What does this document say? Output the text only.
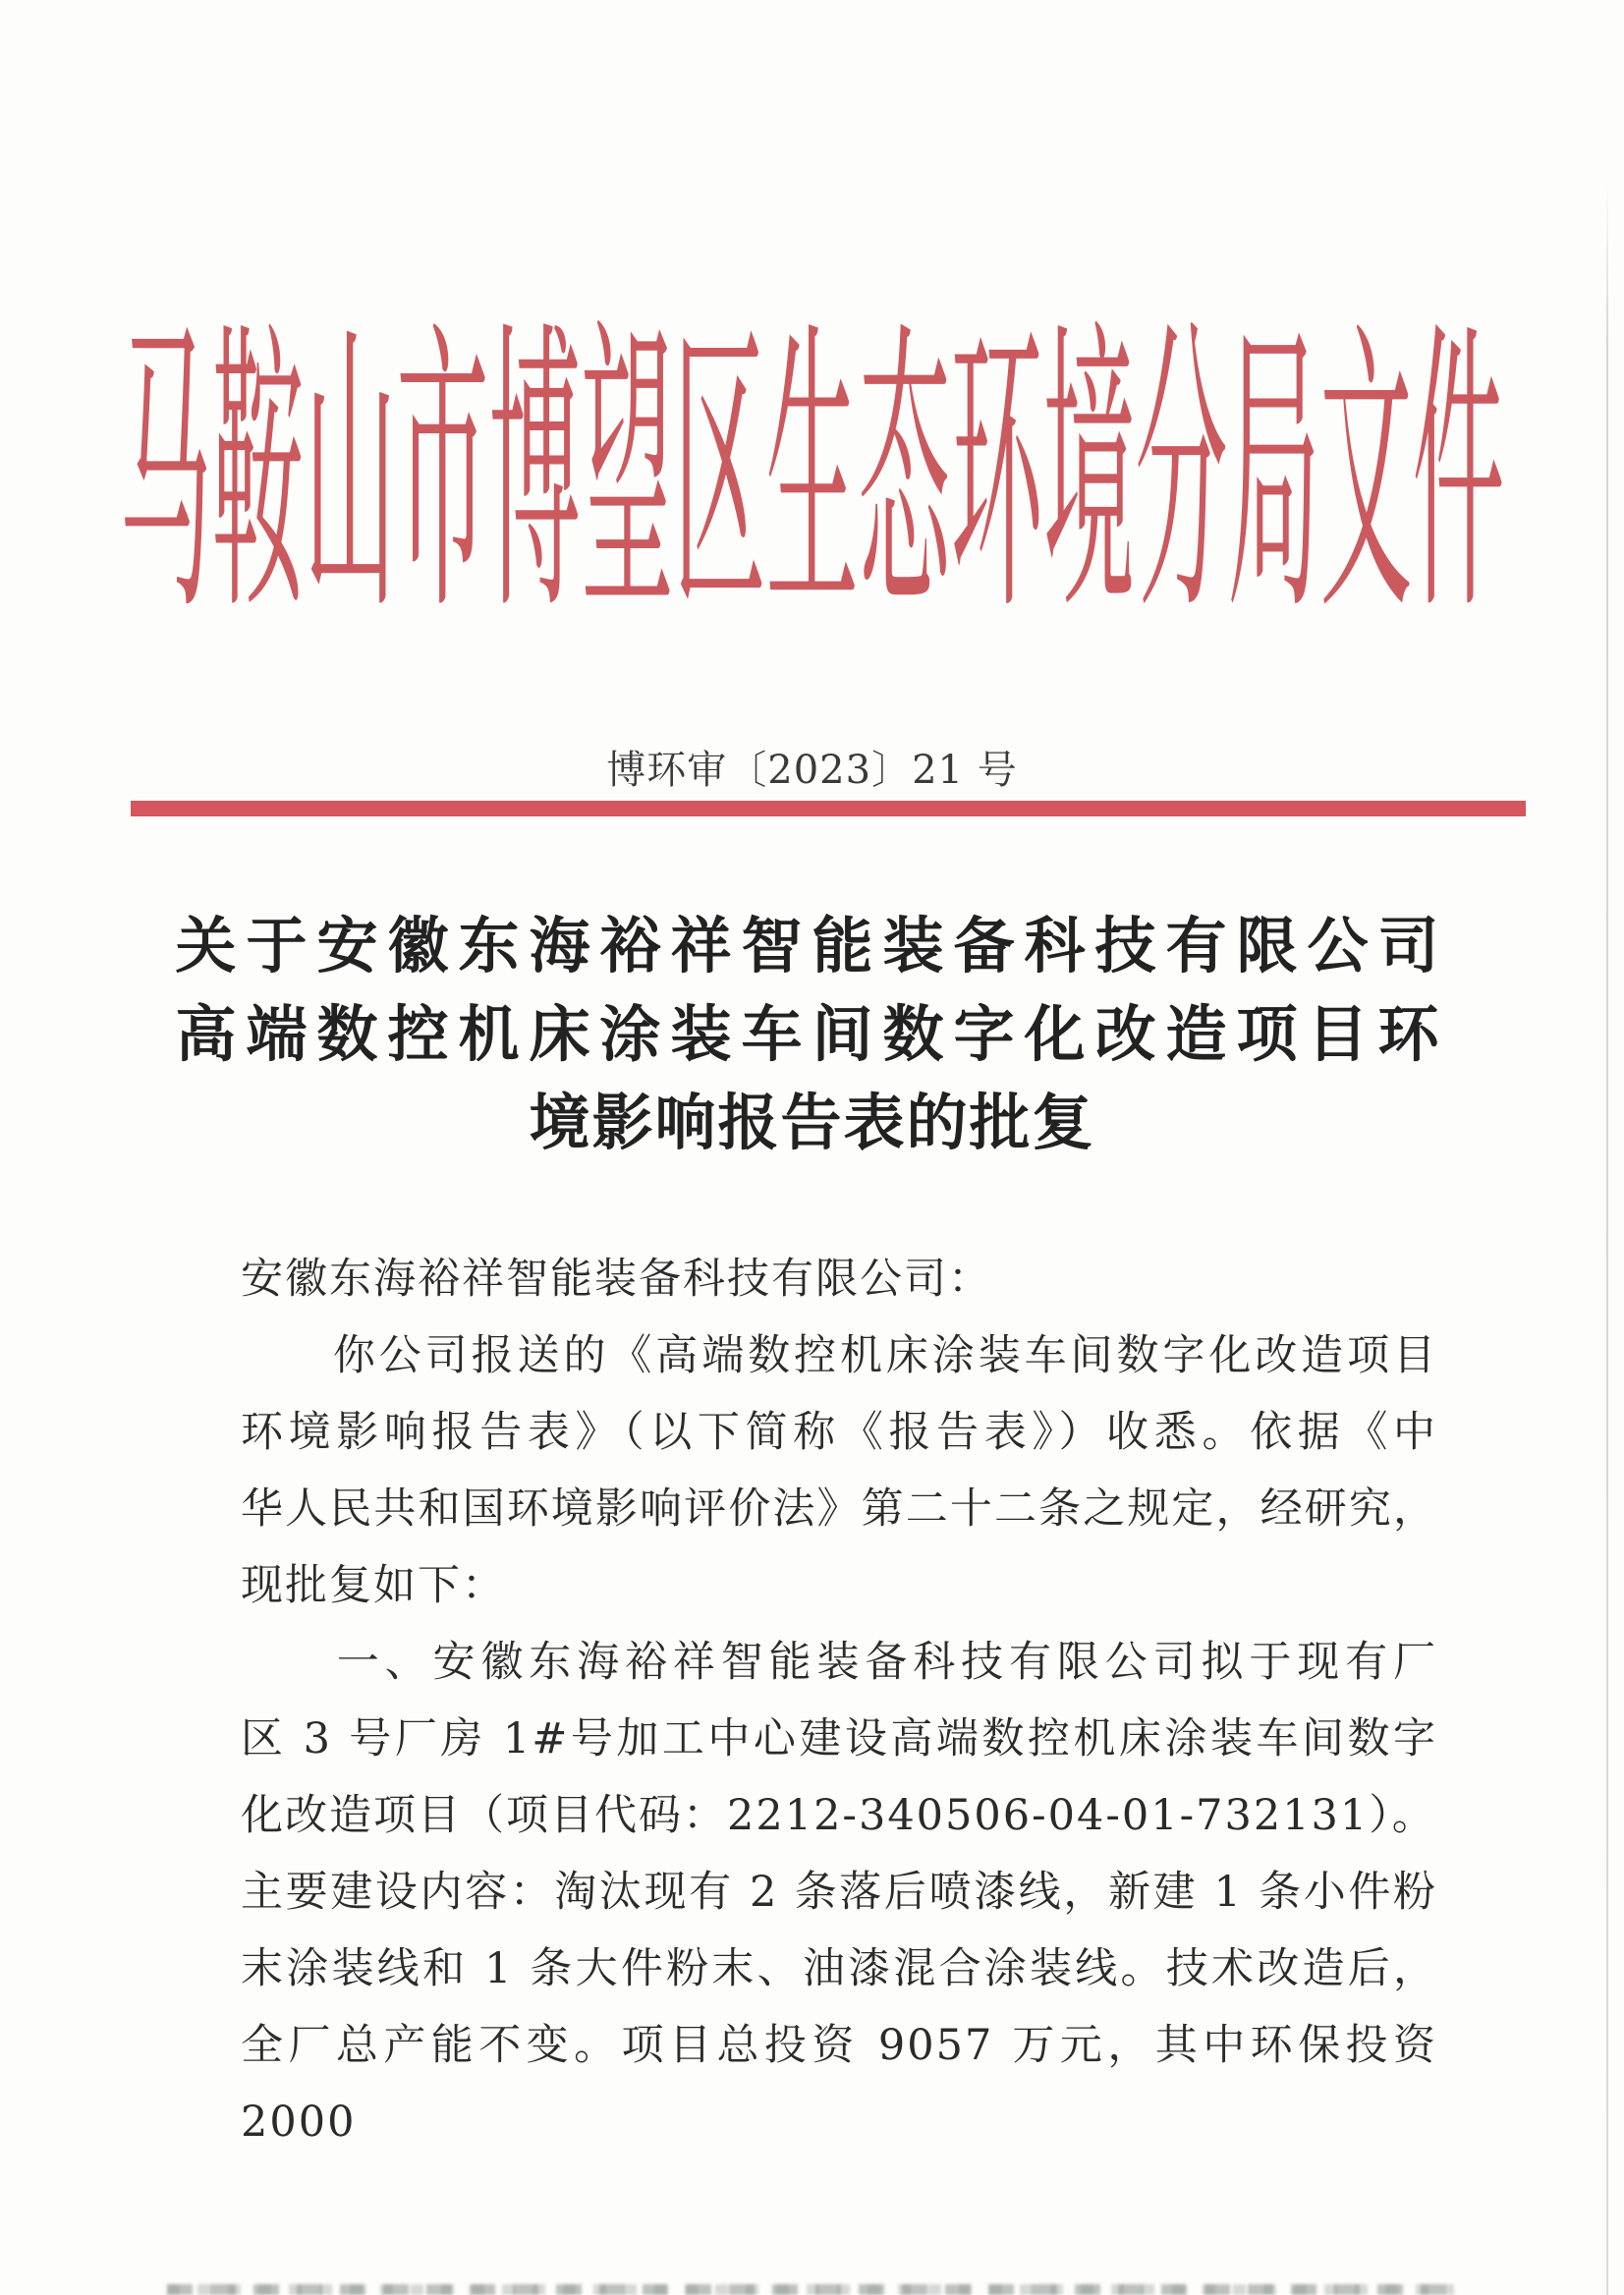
马鞍山市博望区生态环境分局文件
博环审〔2023〕21 号
关于安徽东海裕祥智能装备科技有限公司
高端数控机床涂装车间数字化改造项目环
境影响报告表的批复
安徽东海裕祥智能装备科技有限公司：
　　你公司报送的《高端数控机床涂装车间数字化改造项目
环境影响报告表》（以下简称《报告表》）收悉。依据《中
华人民共和国环境影响评价法》第二十二条之规定，经研究，
现批复如下：
　　一、安徽东海裕祥智能装备科技有限公司拟于现有厂
区 3 号厂房 1#号加工中心建设高端数控机床涂装车间数字
化改造项目（项目代码：2212-340506-04-01-732131）。
主要建设内容：淘汰现有 2 条落后喷漆线，新建 1 条小件粉
末涂装线和 1 条大件粉末、油漆混合涂装线。技术改造后，
全厂总产能不变。项目总投资 9057 万元，其中环保投资 2000
